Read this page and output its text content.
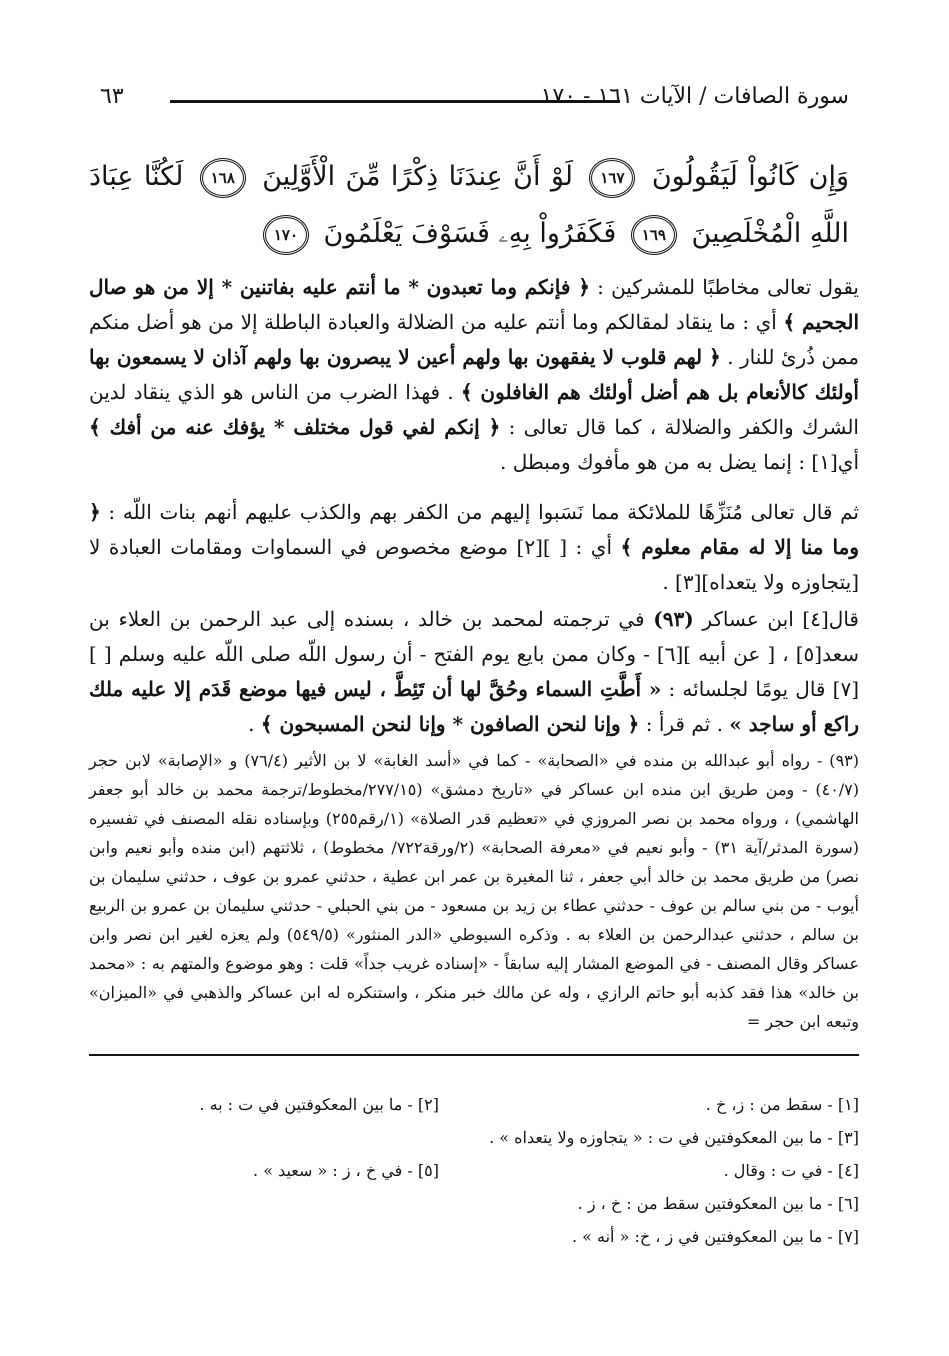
سورة الصافات / الآيات ١٦١ - ١٧٠
٦٣
وَإِن كَانُواْ لَيَقُولُونَ ١٦٧ لَوْ أَنَّ عِندَنَا ذِكْرًا مِّنَ الْأَوَّلِينَ ١٦٨ لَكُنَّا عِبَادَ اللَّهِ الْمُخْلَصِينَ ١٦٩ فَكَفَرُواْ بِهِۦ فَسَوْفَ يَعْلَمُونَ ١٧٠
يقول تعالى مخاطبًا للمشركين : ﴿ فإنكم وما تعبدون * ما أنتم عليه بفاتنين * إلا من هو صال الجحيم ﴾ أي : ما ينقاد لمقالكم وما أنتم عليه من الضلالة والعبادة الباطلة إلا من هو أضل منكم ممن ذُرئ للنار . ﴿ لهم قلوب لا يفقهون بها ولهم أعين لا يبصرون بها ولهم آذان لا يسمعون بها أولئك كالأنعام بل هم أضل أولئك هم الغافلون ﴾ . فهذا الضرب من الناس هو الذي ينقاد لدين الشرك والكفر والضلالة ، كما قال تعالى : ﴿ إنكم لفي قول مختلف * يؤفك عنه من أفك ﴾ أي[١] : إنما يضل به من هو مأفوك ومبطل .
ثم قال تعالى مُنَزِّهًا للملائكة مما نَسَبوا إليهم من الكفر بهم والكذب عليهم أنهم بنات اللّه : ﴿ وما منا إلا له مقام معلوم ﴾ أي : [ ][٢] موضع مخصوص في السماوات ومقامات العبادة لا [يتجاوزه ولا يتعداه][٣] .
قال[٤] ابن عساكر (٩٣) في ترجمته لمحمد بن خالد ، بسنده إلى عبد الرحمن بن العلاء بن سعد[٥] ، [ عن أبيه ][٦] - وكان ممن بايع يوم الفتح - أن رسول اللّه صلى اللّه عليه وسلم [ ][٧] قال يومًا لجلسائه : « أَطَّتِ السماء وحُقَّ لها أن تَئِطَّ ، ليس فيها موضع قَدَم إلا عليه ملك راكع أو ساجد » . ثم قرأ : ﴿ وإنا لنحن الصافون * وإنا لنحن المسبحون ﴾ .
(٩٣) - رواه أبو عبدالله بن منده في «الصحابة» - كما في «أسد الغابة» لا بن الأثير (٧٦/٤) و «الإصابة» لابن حجر (٤٠/٧) - ومن طريق ابن منده ابن عساكر في «تاريخ دمشق» (٢٧٧/١٥/مخطوط/ترجمة محمد بن خالد أبو جعفر الهاشمي) ، ورواه محمد بن نصر المروزي في «تعظيم قدر الصلاة» (١/رقم٢٥٥) وبإسناده نقله المصنف في تفسيره (سورة المدثر/آية ٣١) - وأبو نعيم في «معرفة الصحابة» (٢/ورقة٧٢٢/ مخطوط) ، ثلاثتهم (ابن منده وأبو نعيم وابن نصر) من طريق محمد بن خالد أبي جعفر ، ثنا المغيرة بن عمر ابن عطية ، حدثني عمرو بن عوف ، حدثني سليمان بن أيوب - من بني سالم بن عوف - حدثني عطاء بن زيد بن مسعود - من بني الحبلي - حدثني سليمان بن عمرو بن الربيع بن سالم ، حدثني عبدالرحمن بن العلاء به . وذكره السيوطي «الدر المنثور» (٥٤٩/٥) ولم يعزه لغير ابن نصر وابن عساكر وقال المصنف - في الموضع المشار إليه سابقاً - «إسناده غريب جداً» قلت : وهو موضوع والمتهم به : «محمد بن خالد» هذا فقد كذبه أبو حاتم الرازي ، وله عن مالك خبر منكر ، واستنكره له ابن عساكر والذهبي في «الميزان» وتبعه ابن حجر =
[١] - سقط من : ز، خ .
[٢] - ما بين المعكوفتين في ت : به .
[٣] - ما بين المعكوفتين في ت : « يتجاوزه ولا يتعداه » .
[٤] - في ت : وقال .
[٥] - في خ ، ز : « سعيد » .
[٦] - ما بين المعكوفتين سقط من : خ ، ز .
[٧] - ما بين المعكوفتين في ز ، خ: « أنه » .
